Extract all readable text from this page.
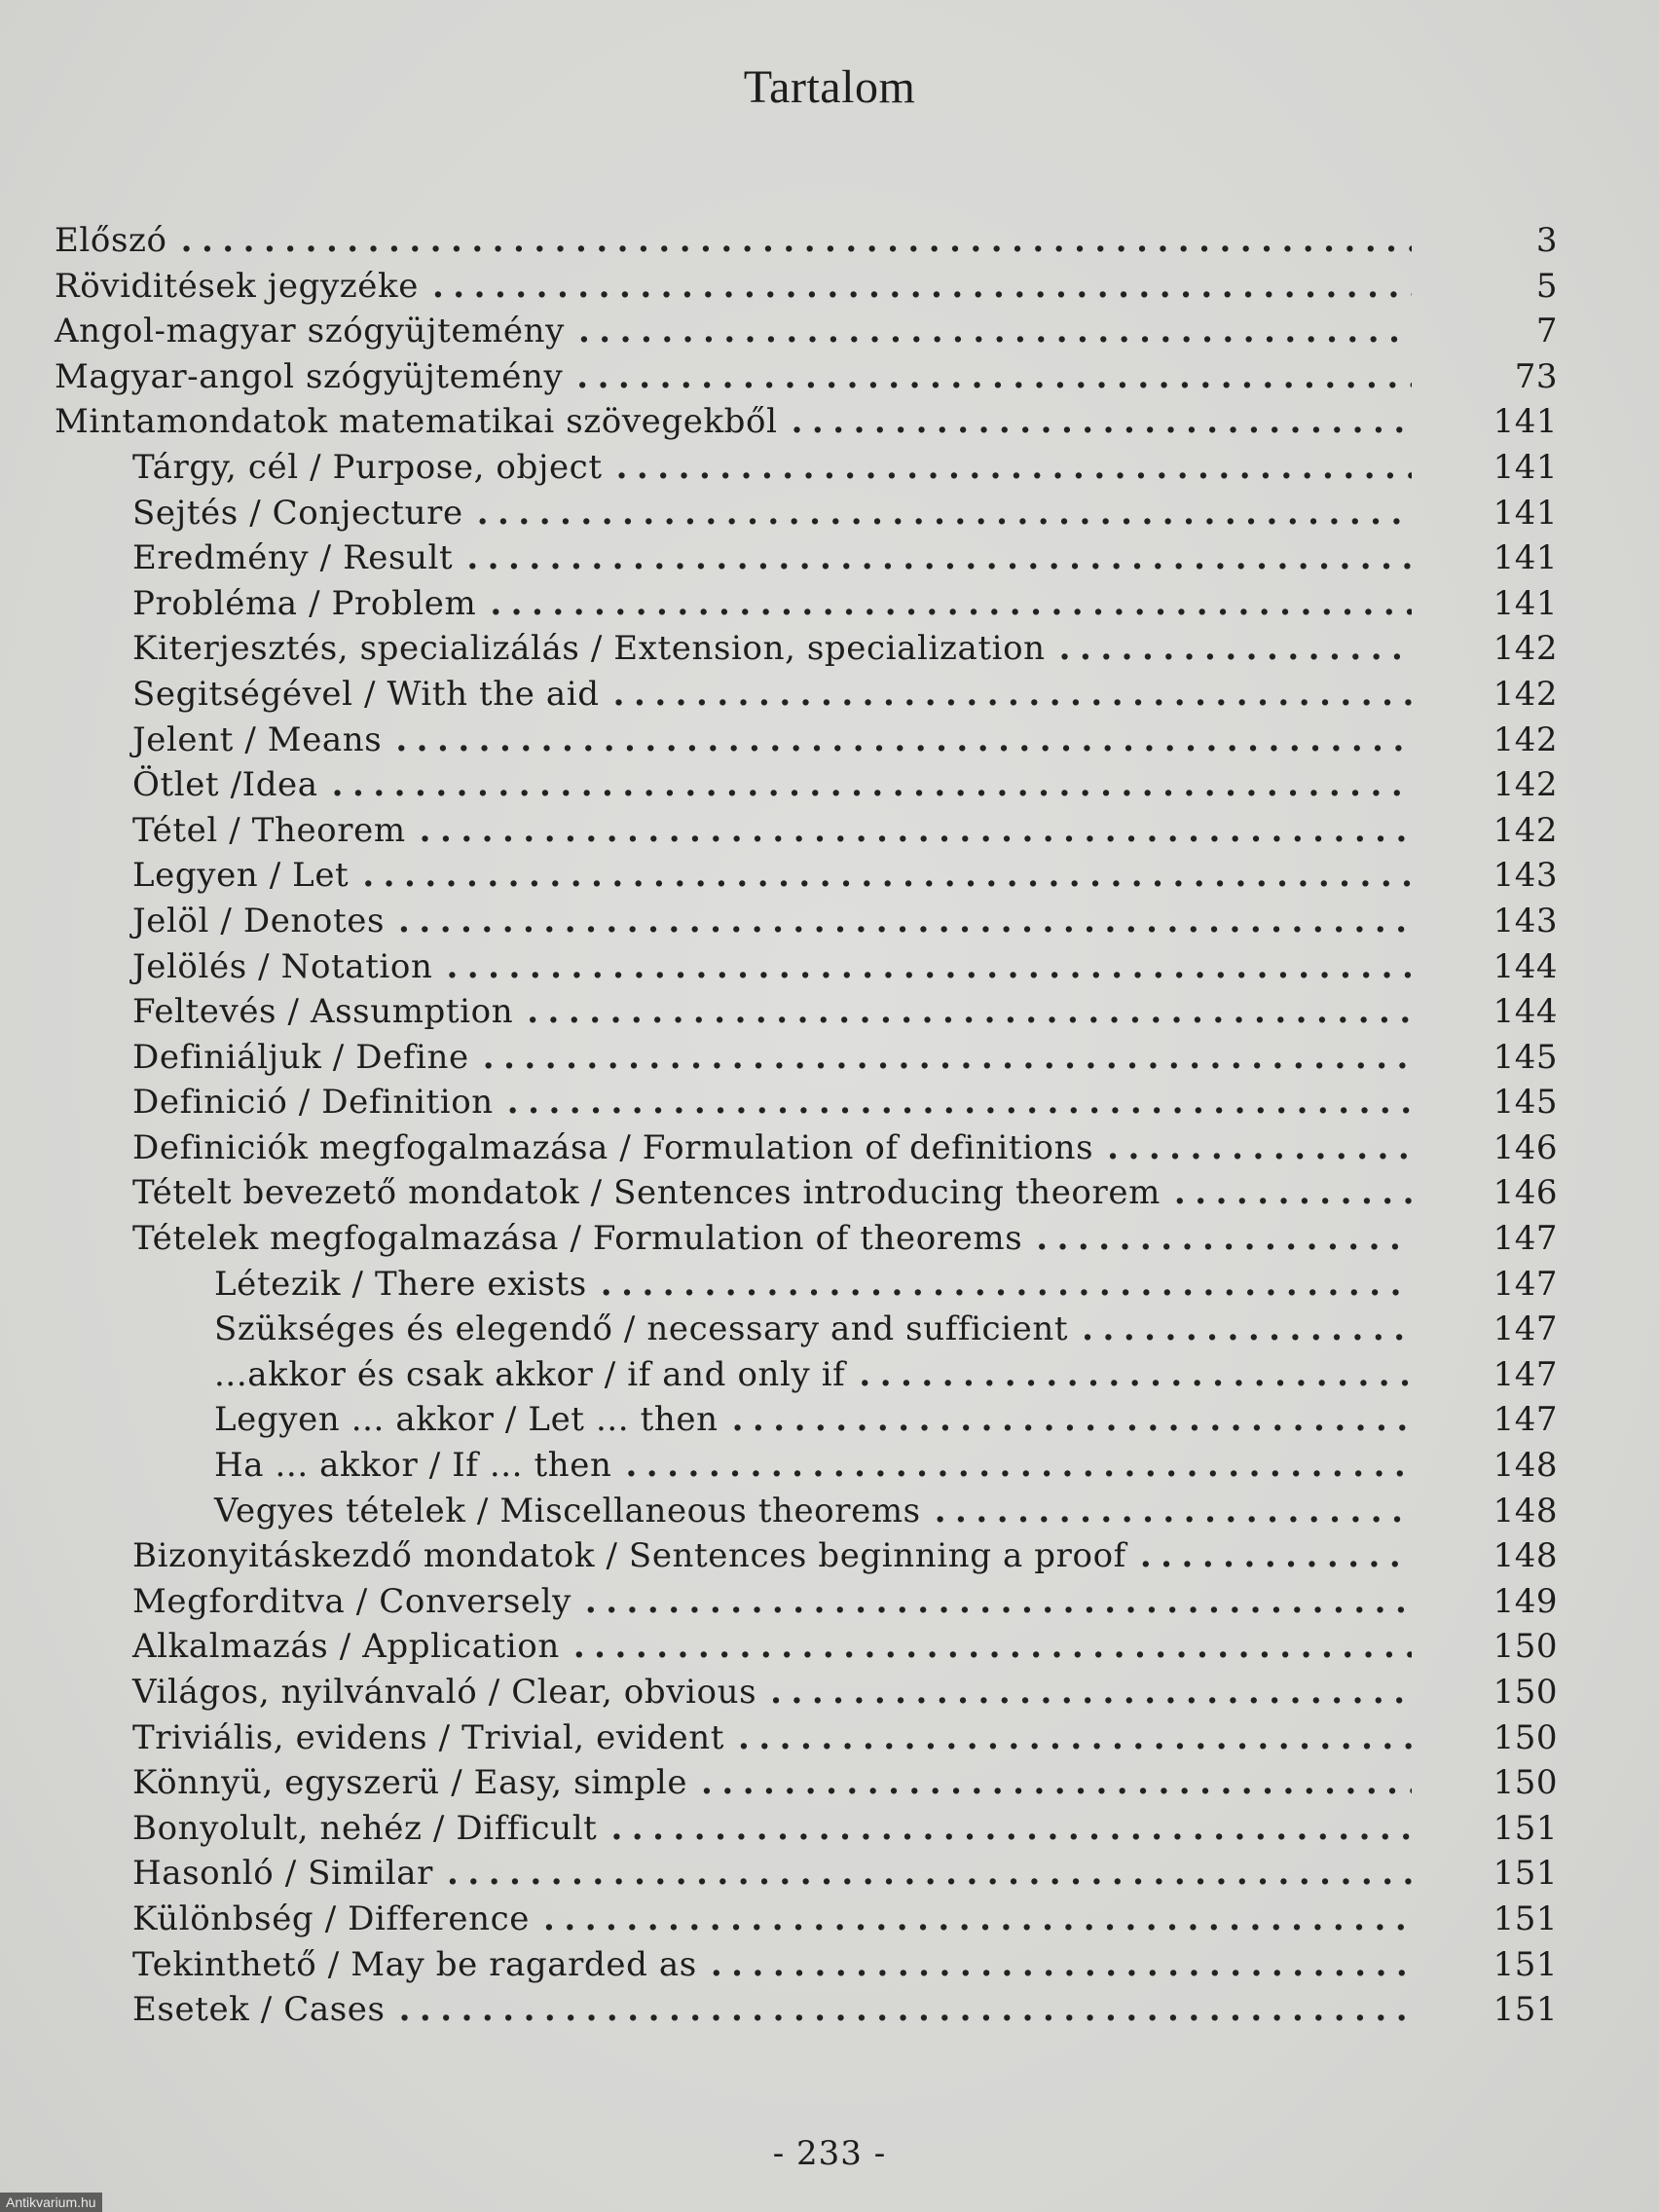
Tartalom
Előszó .....	3
Röviditések jegyzéke .....	5
Angol-magyar szógyüjtemény .....	7
Magyar-angol szógyüjtemény .....	73
Mintamondatok matematikai szövegekből .....	141
Tárgy, cél / Purpose, object .....	141
Sejtés / Conjecture .....	141
Eredmény / Result .....	141
Probléma / Problem .....	141
Kiterjesztés, specializálás / Extension, specialization .....	142
Segitségével / With the aid .....	142
Jelent / Means .....	142
Ötlet /Idea .....	142
Tétel / Theorem .....	142
Legyen / Let .....	143
Jelöl / Denotes .....	143
Jelölés / Notation .....	144
Feltevés / Assumption .....	144
Definiáljuk / Define .....	145
Definició / Definition .....	145
Definiciók megfogalmazása / Formulation of definitions .....	146
Tételt bevezető mondatok / Sentences introducing theorem .....	146
Tételek megfogalmazása / Formulation of theorems .....	147
Létezik / There exists .....	147
Szükséges és elegendő / necessary and sufficient .....	147
...akkor és csak akkor / if and only if .....	147
Legyen ... akkor / Let ... then .....	147
Ha ... akkor / If ... then .....	148
Vegyes tételek / Miscellaneous theorems .....	148
Bizonyitáskezdő mondatok / Sentences beginning a proof .....	148
Megforditva / Conversely .....	149
Alkalmazás / Application .....	150
Világos, nyilvánvaló / Clear, obvious .....	150
Triviális, evidens / Trivial, evident .....	150
Könnyü, egyszerü / Easy, simple .....	150
Bonyolult, nehéz / Difficult .....	151
Hasonló / Similar .....	151
Különbség / Difference .....	151
Tekinthető / May be ragarded as .....	151
Esetek / Cases .....	151
- 233 -
Antikvarium.hu
